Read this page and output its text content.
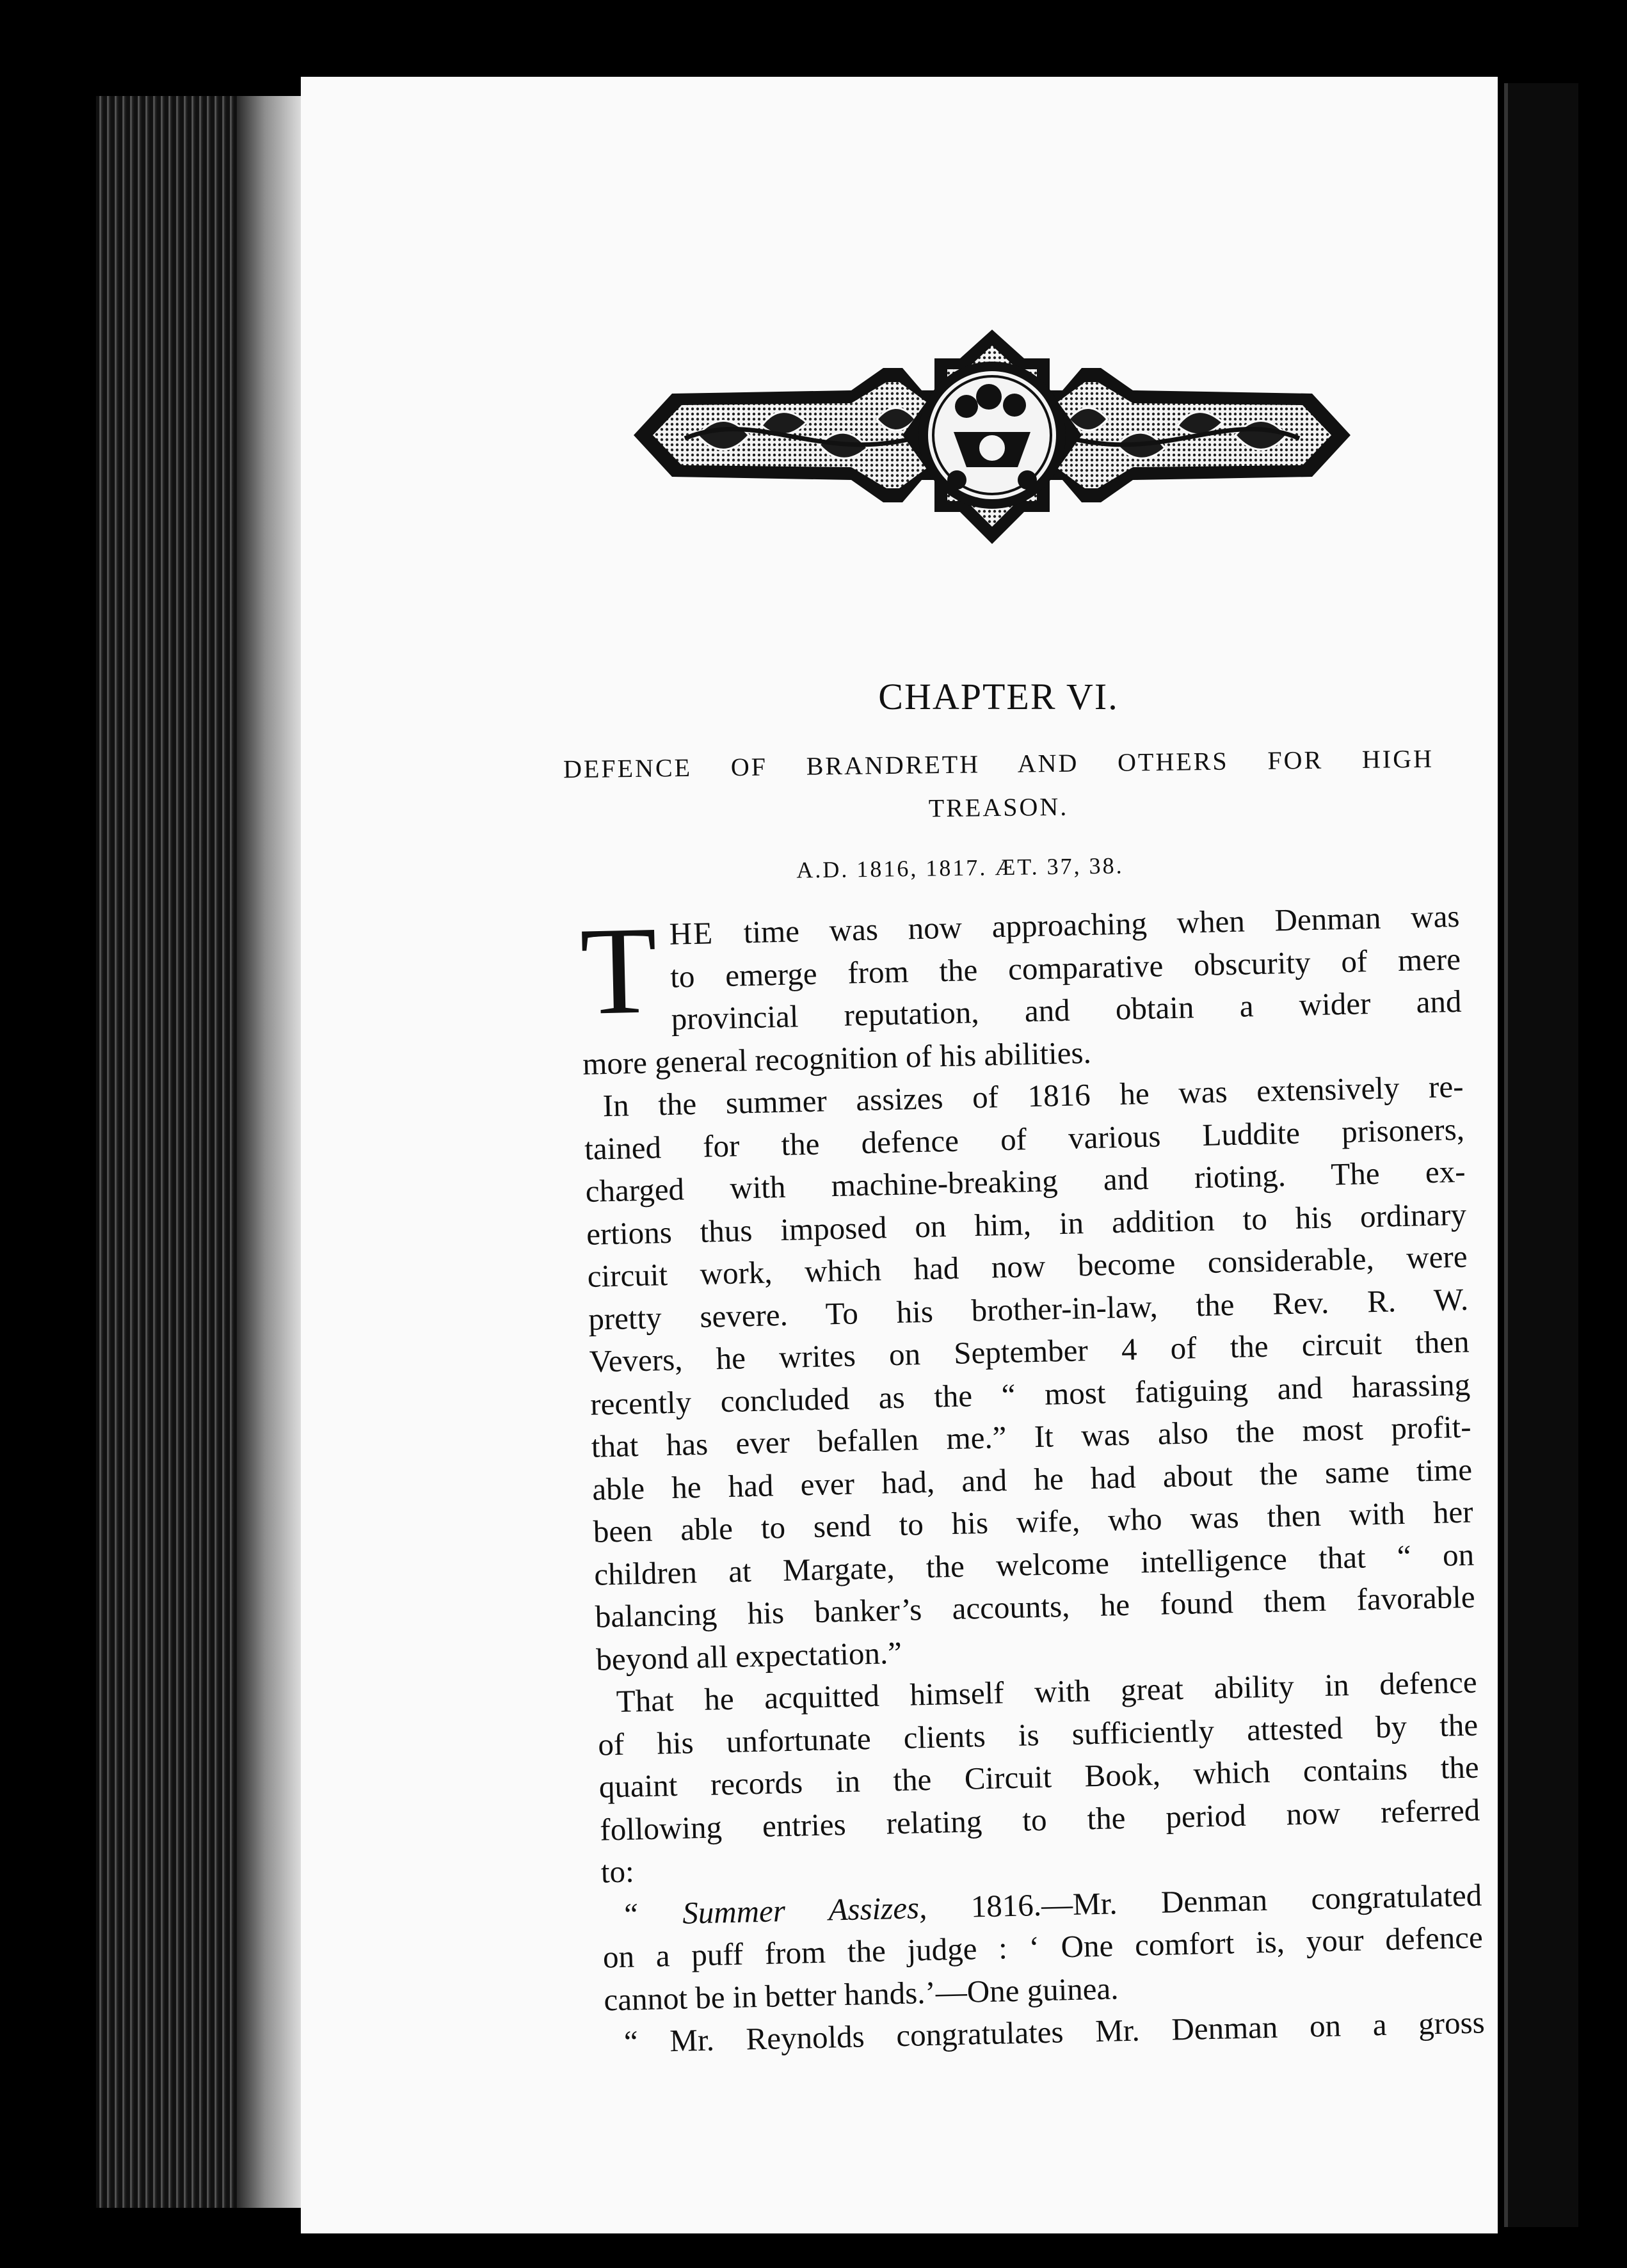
CHAPTER VI.
DEFENCE OF BRANDRETH AND OTHERS FOR HIGH
TREASON.
A.D. 1816, 1817. ÆT. 37, 38.
T HE time was now approaching when Denman was
to emerge from the comparative obscurity of mere
provincial reputation, and obtain a wider and
more general recognition of his abilities.
In the summer assizes of 1816 he was extensively re-
tained for the defence of various Luddite prisoners,
charged with machine-breaking and rioting. The ex-
ertions thus imposed on him, in addition to his ordinary
circuit work, which had now become considerable, were
pretty severe. To his brother-in-law, the Rev. R. W.
Vevers, he writes on September 4 of the circuit then
recently concluded as the “ most fatiguing and harassing
that has ever befallen me.” It was also the most profit-
able he had ever had, and he had about the same time
been able to send to his wife, who was then with her
children at Margate, the welcome intelligence that “ on
balancing his banker’s accounts, he found them favorable
beyond all expectation.”
That he acquitted himself with great ability in defence
of his unfortunate clients is sufficiently attested by the
quaint records in the Circuit Book, which contains the
following entries relating to the period now referred
to:
“ Summer Assizes, 1816.—Mr. Denman congratulated
on a puff from the judge : ‘ One comfort is, your defence
cannot be in better hands.’—One guinea.
“ Mr. Reynolds congratulates Mr. Denman on a gross
